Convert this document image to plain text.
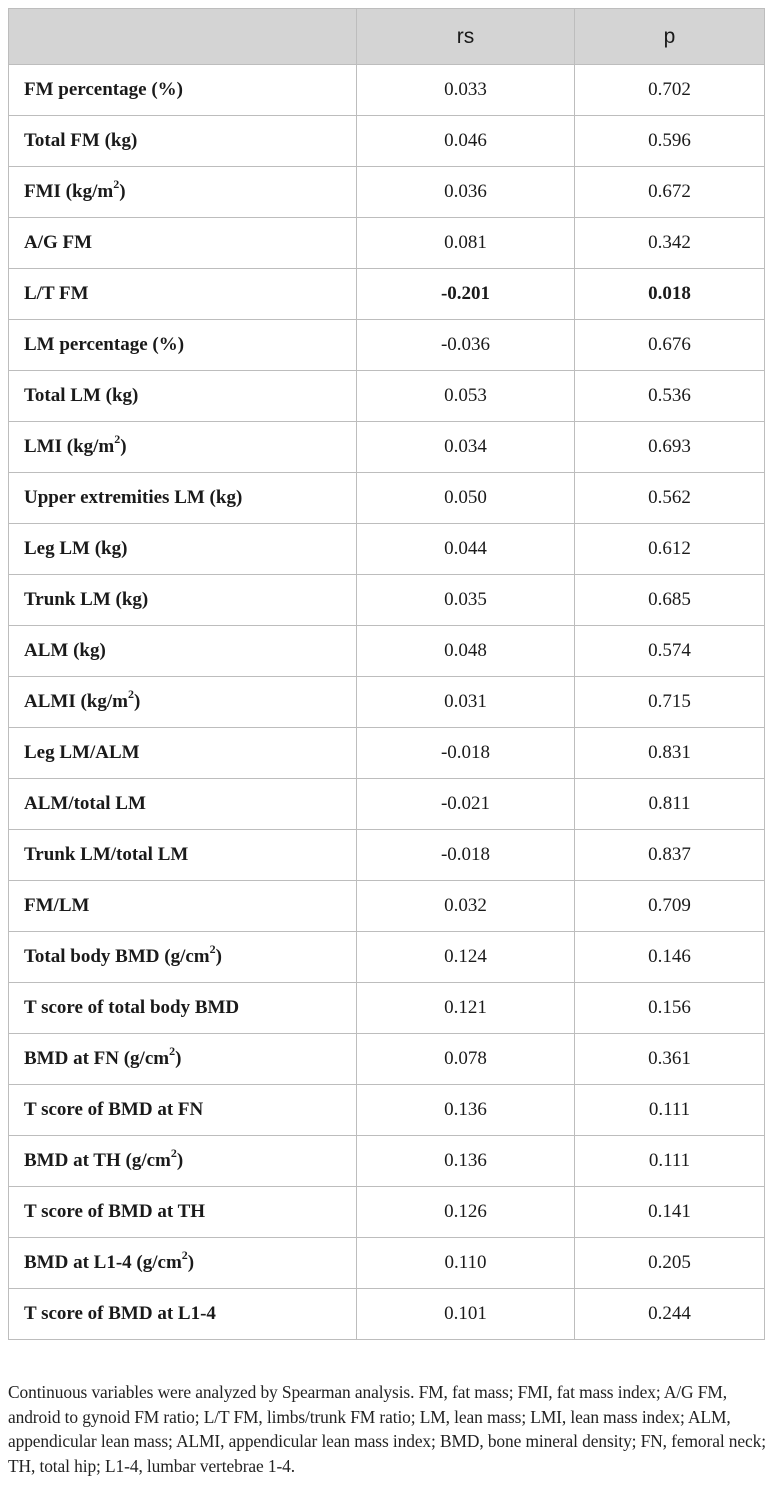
	rs	p
FM percentage (%)	0.033	0.702
Total FM (kg)	0.046	0.596
FMI $(kg/m^2)$	0.036	0.672
A/G FM	0.081	0.342
L/T FM	-0.201	0.018
LM percentage (%)	-0.036	0.676
Total LM (kg)	0.053	0.536
LMI $(kg/m^2)$	0.034	0.693
Upper extremities LM (kg)	0.050	0.562
Leg LM (kg)	0.044	0.612
Trunk LM (kg)	0.035	0.685
ALM (kg)	0.048	0.574
ALMI $(kg/m^2)$	0.031	0.715
Leg LM/ALM	-0.018	0.831
ALM/total LM	-0.021	0.811
Trunk LM/total LM	-0.018	0.837
FM/LM	0.032	0.709
Total body BMD $(g/cm^2)$	0.124	0.146
T score of total body BMD	0.121	0.156
BMD at FN $(g/cm^2)$	0.078	0.361
T score of BMD at FN	0.136	0.111
BMD at TH $(g/cm^2)$	0.136	0.111
T score of BMD at TH	0.126	0.141
BMD at L1-4 $(g/cm^2)$	0.110	0.205
T score of BMD at L1-4	0.101	0.244
Continuous variables were analyzed by Spearman analysis. FM, fat mass; FMI, fat mass index; A/G FM, android to gynoid FM ratio; L/T FM, limbs/trunk FM ratio; LM, lean mass; LMI, lean mass index; ALM, appendicular lean mass; ALMI, appendicular lean mass index; BMD, bone mineral density; FN, femoral neck; TH, total hip; L1-4, lumbar vertebrae 1-4.
